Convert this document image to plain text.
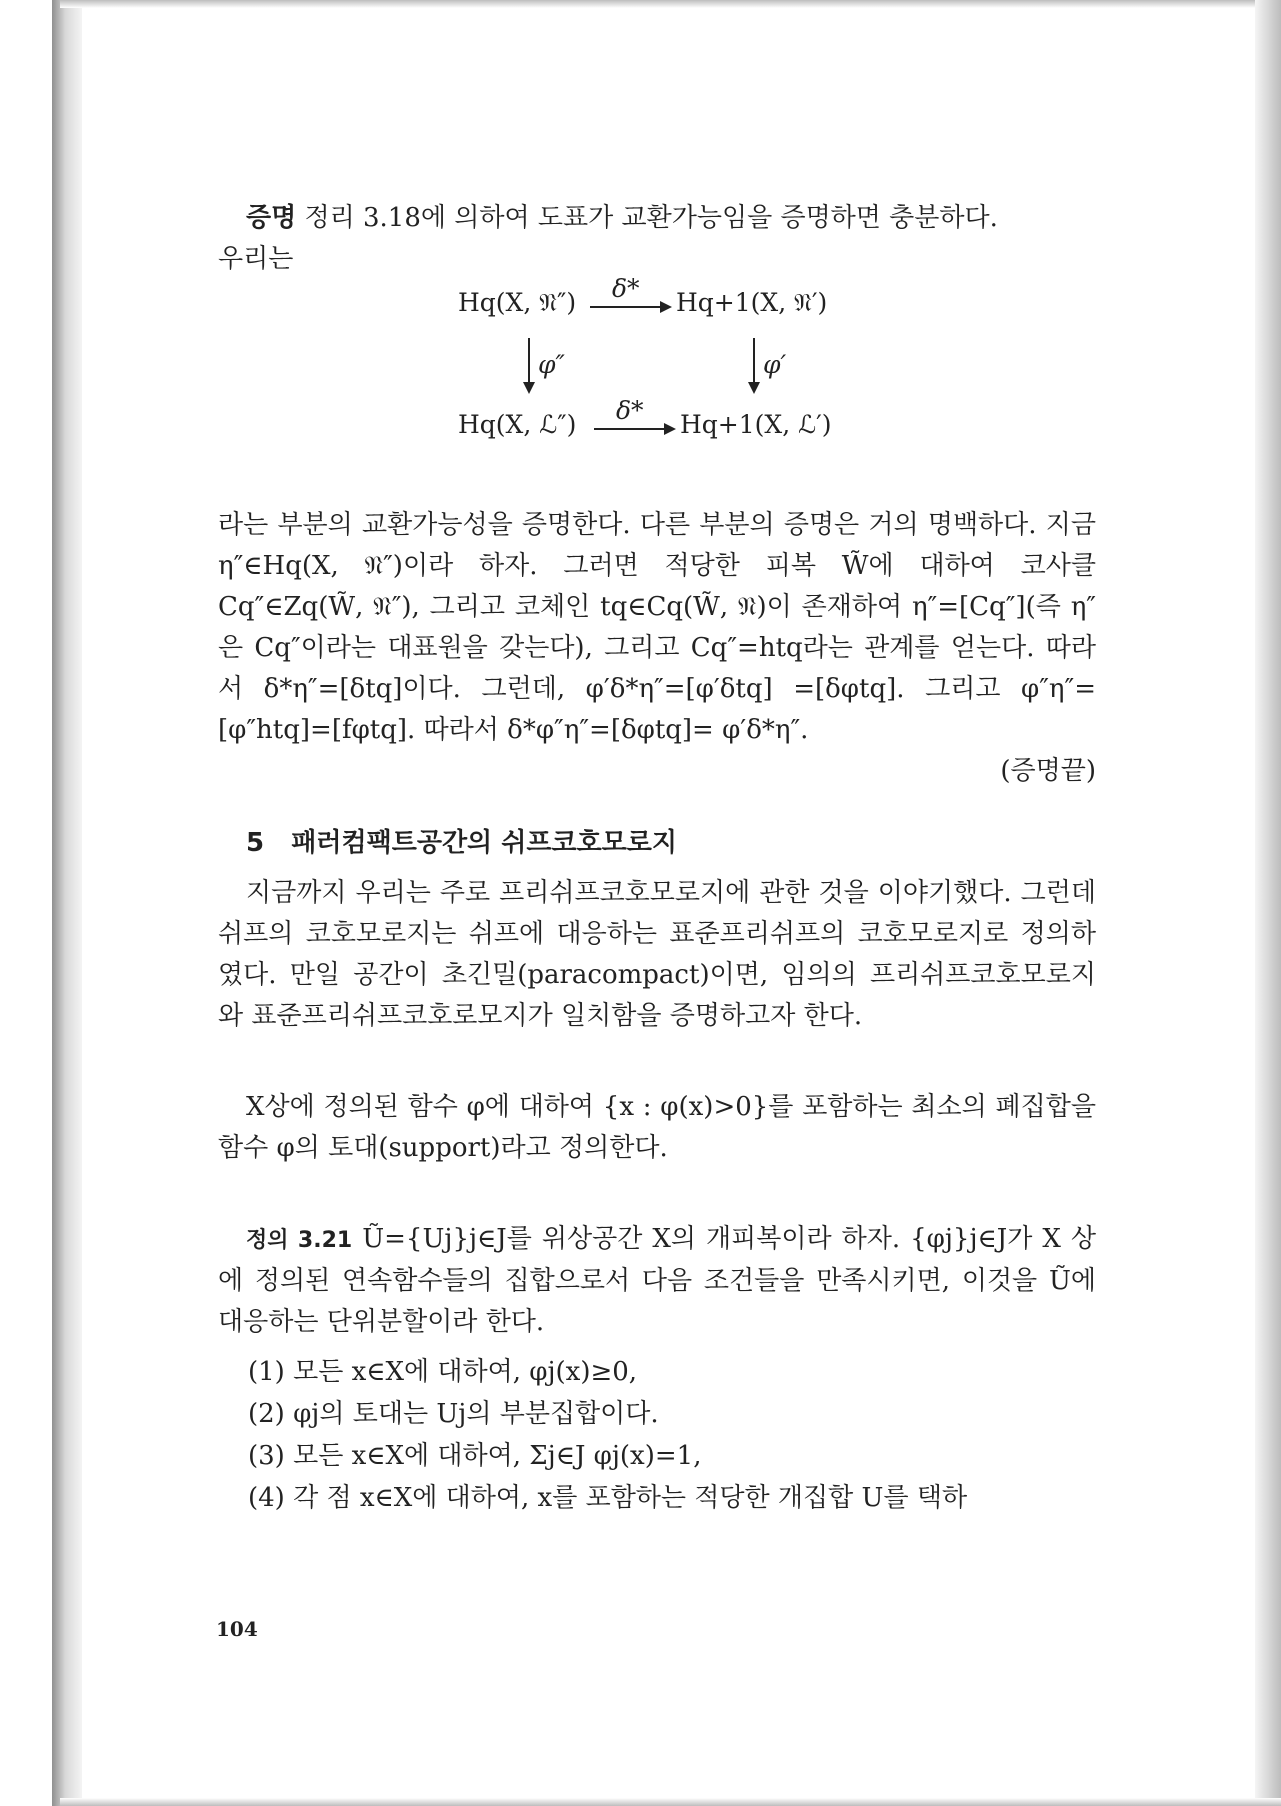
증명 정리 3.18에 의하여 도표가 교환가능임을 증명하면 충분하다.

우리는

Hq(X, 𝔑″) δ* Hq+1(X, 𝔑′)
φ″	φ′
Hq(X, ℒ″) δ* Hq+1(X, ℒ′)

라는 부분의 교환가능성을 증명한다. 다른 부분의 증명은 거의 명백하다. 지금 η″∈Hq(X, 𝔑″)이라 하자. 그러면 적당한 피복 W̃에 대하여 코사클 Cq″∈Zq(W̃, 𝔑″), 그리고 코체인 tq∈Cq(W̃, 𝔑)이 존재하여 η″=[Cq″](즉 η″은 Cq″이라는 대표원을 갖는다), 그리고 Cq″=htq라는 관계를 얻는다. 따라서 δ*η″=[δtq]이다. 그런데, φ′δ*η″=[φ′δtq] =[δφtq]. 그리고 φ″η″=[φ″htq]=[fφtq]. 따라서 δ*φ″η″=[δφtq]= φ′δ*η″.

(증명끝)

5 패러컴팩트공간의 쉬프코호모로지

지금까지 우리는 주로 프리쉬프코호모로지에 관한 것을 이야기했다. 그런데 쉬프의 코호모로지는 쉬프에 대응하는 표준프리쉬프의 코호모로지로 정의하였다. 만일 공간이 초긴밀(paracompact)이면, 임의의 프리쉬프코호모로지와 표준프리쉬프코호로모지가 일치함을 증명하고자 한다.

X상에 정의된 함수 φ에 대하여 {x : φ(x)>0}를 포함하는 최소의 폐집합을 함수 φ의 토대(support)라고 정의한다.

정의 3.21 Ũ={Uj}j∈J를 위상공간 X의 개피복이라 하자. {φj}j∈J가 X 상에 정의된 연속함수들의 집합으로서 다음 조건들을 만족시키면, 이것을 Ũ에 대응하는 단위분할이라 한다.

(1) 모든 x∈X에 대하여, φj(x)≥0,
(2) φj의 토대는 Uj의 부분집합이다.
(3) 모든 x∈X에 대하여, Σj∈J φj(x)=1,
(4) 각 점 x∈X에 대하여, x를 포함하는 적당한 개집합 U를 택하
104
